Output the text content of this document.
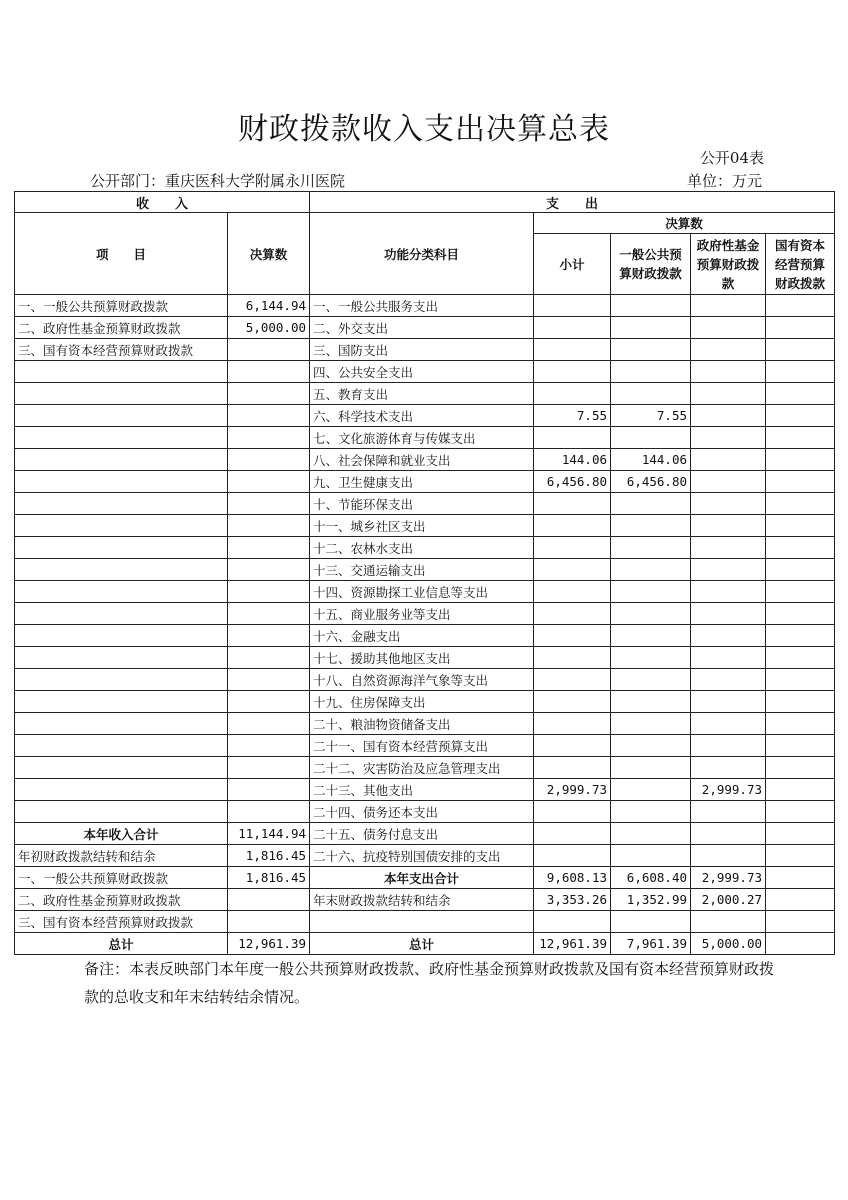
财政拨款收入支出决算总表
公开04表
公开部门：重庆医科大学附属永川医院	单位：万元
收　　入		支　　出				
项　　目	决算数	功能分类科目	决算数			
			小计	一般公共预算财政拨款	政府性基金预算财政拨款	国有资本经营预算财政拨款
一、一般公共预算财政拨款	6,144.94	一、一般公共服务支出				
二、政府性基金预算财政拨款	5,000.00	二、外交支出				
三、国有资本经营预算财政拨款		三、国防支出				
		四、公共安全支出				
		五、教育支出				
		六、科学技术支出	7.55	7.55		
		七、文化旅游体育与传媒支出				
		八、社会保障和就业支出	144.06	144.06		
		九、卫生健康支出	6,456.80	6,456.80		
		十、节能环保支出				
		十一、城乡社区支出				
		十二、农林水支出				
		十三、交通运输支出				
		十四、资源勘探工业信息等支出				
		十五、商业服务业等支出				
		十六、金融支出				
		十七、援助其他地区支出				
		十八、自然资源海洋气象等支出				
		十九、住房保障支出				
		二十、粮油物资储备支出				
		二十一、国有资本经营预算支出				
		二十二、灾害防治及应急管理支出				
		二十三、其他支出	2,999.73		2,999.73	
		二十四、债务还本支出				
本年收入合计	11,144.94	二十五、债务付息支出				
年初财政拨款结转和结余	1,816.45	二十六、抗疫特别国债安排的支出				
一、一般公共预算财政拨款	1,816.45	本年支出合计	9,608.13	6,608.40	2,999.73	
二、政府性基金预算财政拨款		年末财政拨款结转和结余	3,353.26	1,352.99	2,000.27	
三、国有资本经营预算财政拨款						
总计	12,961.39	总计	12,961.39	7,961.39	5,000.00	
备注：本表反映部门本年度一般公共预算财政拨款、政府性基金预算财政拨款及国有资本经营预算财政拨款的总收支和年末结转结余情况。
